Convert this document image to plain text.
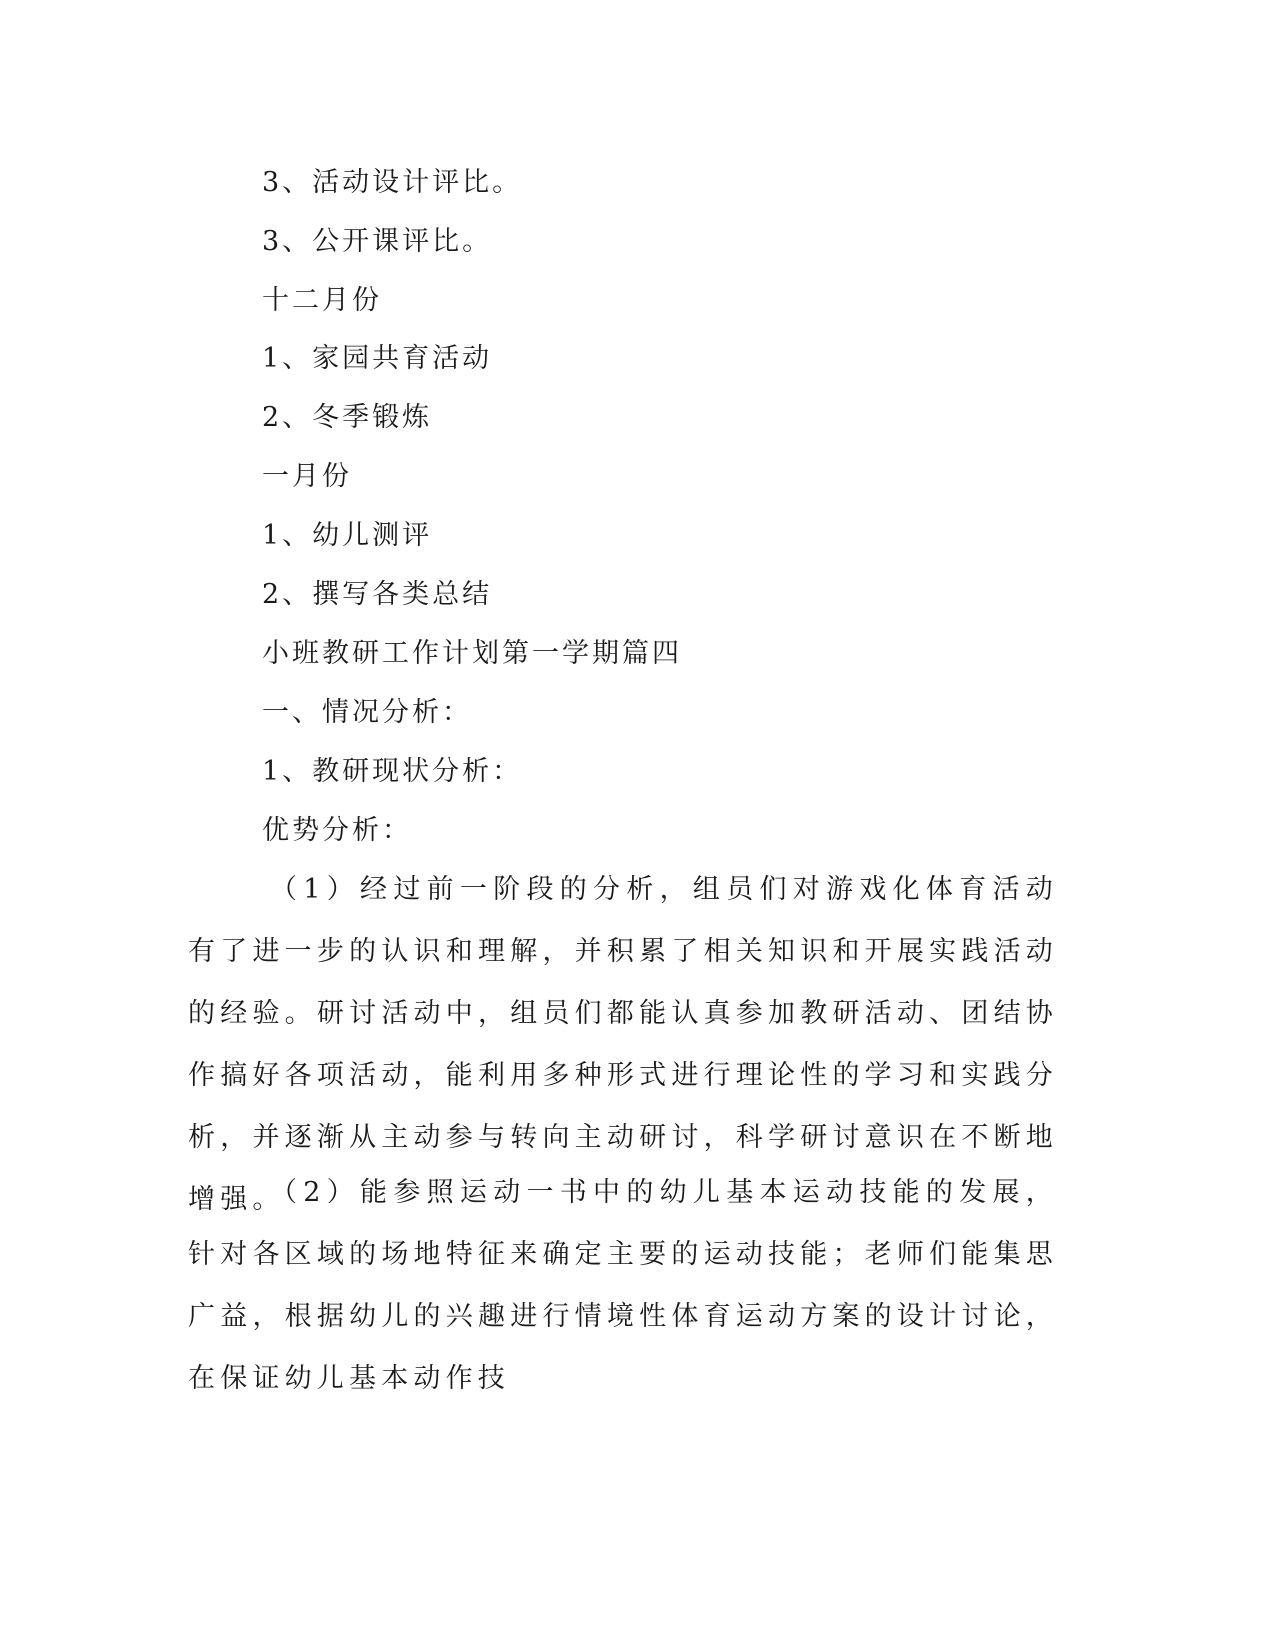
3、活动设计评比。
3、公开课评比。
十二月份
1、家园共育活动
2、冬季锻炼
一月份
1、幼儿测评
2、撰写各类总结
小班教研工作计划第一学期篇四
一、情况分析：
1、教研现状分析：
优势分析：
（1）经过前一阶段的分析，组员们对游戏化体育活动有了进一步的认识和理解，并积累了相关知识和开展实践活动的经验。研讨活动中，组员们都能认真参加教研活动、团结协作搞好各项活动，能利用多种形式进行理论性的学习和实践分析，并逐渐从主动参与转向主动研讨，科学研讨意识在不断地增强。
（2）能参照运动一书中的幼儿基本运动技能的发展，针对各区域的场地特征来确定主要的运动技能；老师们能集思广益，根据幼儿的兴趣进行情境性体育运动方案的设计讨论，在保证幼儿基本动作技
